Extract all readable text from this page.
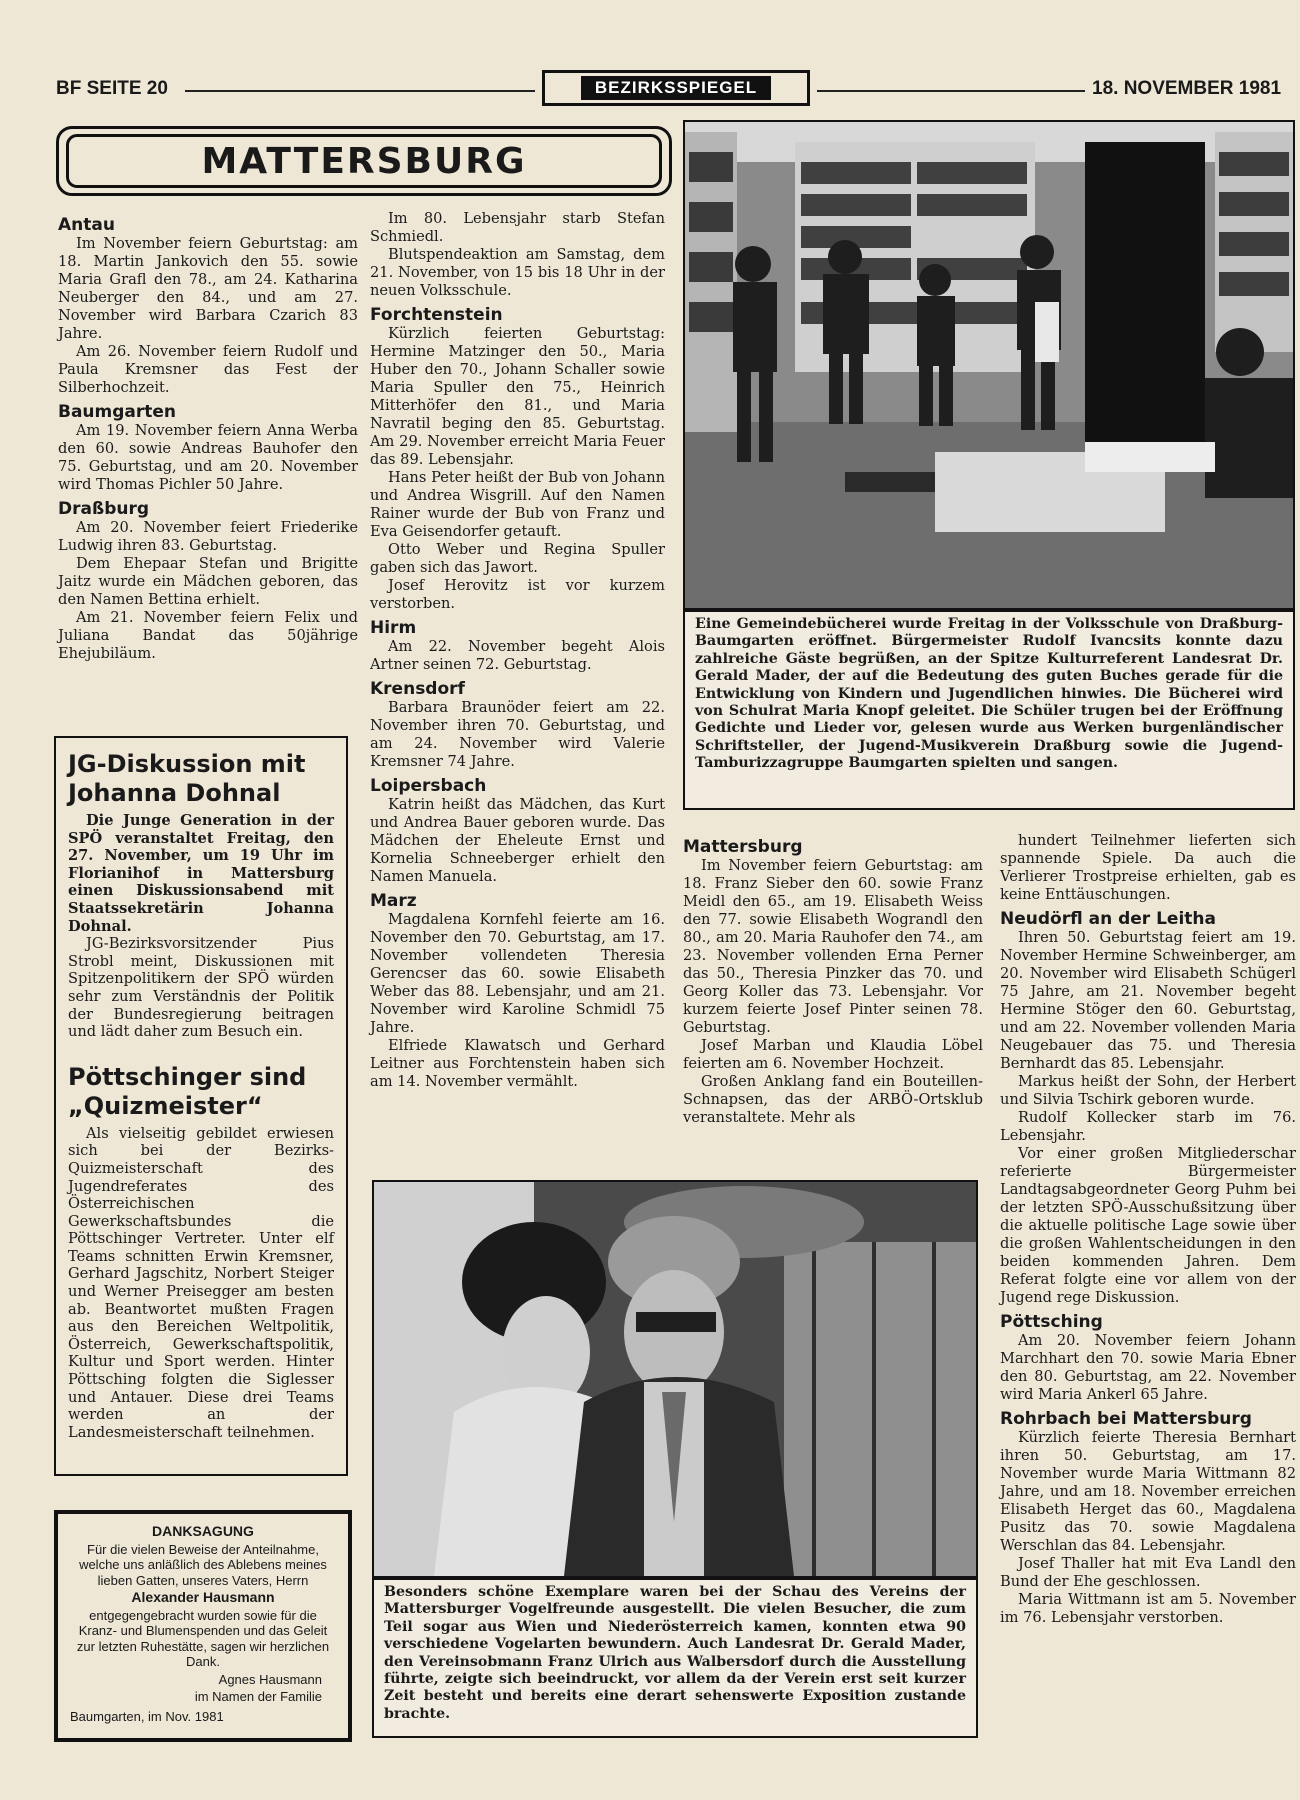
BF SEITE 20	BEZIRKSSPIEGEL	18. NOVEMBER 1981
MATTERSBURG
Antau

Im November feiern Geburtstag: am 18. Martin Jankovich den 55. sowie Maria Grafl den 78., am 24. Katharina Neuberger den 84., und am 27. November wird Barbara Czarich 83 Jahre.

Am 26. November feiern Rudolf und Paula Kremsner das Fest der Silberhochzeit.

Baumgarten

Am 19. November feiern Anna Werba den 60. sowie Andreas Bauhofer den 75. Geburtstag, und am 20. November wird Thomas Pichler 50 Jahre.

Draßburg

Am 20. November feiert Friederike Ludwig ihren 83. Geburtstag.

Dem Ehepaar Stefan und Brigitte Jaitz wurde ein Mädchen geboren, das den Namen Bettina erhielt.

Am 21. November feiern Felix und Juliana Bandat das 50jährige Ehejubiläum.

Im 80. Lebensjahr starb Stefan Schmiedl.

Blutspendeaktion am Samstag, dem 21. November, von 15 bis 18 Uhr in der neuen Volksschule.

Forchtenstein

Kürzlich feierten Geburtstag: Hermine Matzinger den 50., Maria Huber den 70., Johann Schaller sowie Maria Spuller den 75., Heinrich Mitterhöfer den 81., und Maria Navratil beging den 85. Geburtstag. Am 29. November erreicht Maria Feuer das 89. Lebensjahr.

Hans Peter heißt der Bub von Johann und Andrea Wisgrill. Auf den Namen Rainer wurde der Bub von Franz und Eva Geisendorfer getauft.

Otto Weber und Regina Spuller gaben sich das Jawort.

Josef Herovitz ist vor kurzem verstorben.

Hirm

Am 22. November begeht Alois Artner seinen 72. Geburtstag.

Krensdorf

Barbara Braunöder feiert am 22. November ihren 70. Geburtstag, und am 24. November wird Valerie Kremsner 74 Jahre.

Loipersbach

Katrin heißt das Mädchen, das Kurt und Andrea Bauer geboren wurde. Das Mädchen der Eheleute Ernst und Kornelia Schneeberger erhielt den Namen Manuela.

Marz

Magdalena Kornfehl feierte am 16. November den 70. Geburtstag, am 17. November vollendeten Theresia Gerencser das 60. sowie Elisabeth Weber das 88. Lebensjahr, und am 21. November wird Karoline Schmidl 75 Jahre.

Elfriede Klawatsch und Gerhard Leitner aus Forchtenstein haben sich am 14. November vermählt.

JG-Diskussion mit Johanna Dohnal

Die Junge Generation in der SPÖ veranstaltet Freitag, den 27. November, um 19 Uhr im Florianihof in Mattersburg einen Diskussionsabend mit Staatssekretärin Johanna Dohnal.

JG-Bezirksvorsitzender Pius Strobl meint, Diskussionen mit Spitzenpolitikern der SPÖ würden sehr zum Verständnis der Politik der Bundesregierung beitragen und lädt daher zum Besuch ein.

Pöttschinger sind „Quizmeister“

Als vielseitig gebildet erwiesen sich bei der Bezirks-Quizmeisterschaft des Jugendreferates des Österreichischen Gewerkschaftsbundes die Pöttschinger Vertreter. Unter elf Teams schnitten Erwin Kremsner, Gerhard Jagschitz, Norbert Steiger und Werner Preisegger am besten ab. Beantwortet mußten Fragen aus den Bereichen Weltpolitik, Österreich, Gewerkschaftspolitik, Kultur und Sport werden. Hinter Pöttsching folgten die Siglesser und Antauer. Diese drei Teams werden an der Landesmeisterschaft teilnehmen.

DANKSAGUNG
Für die vielen Beweise der Anteilnahme, welche uns anläßlich des Ablebens meines lieben Gatten, unseres Vaters, Herrn
Alexander Hausmann
entgegengebracht wurden sowie für die Kranz- und Blumenspenden und das Geleit zur letzten Ruhestätte, sagen wir herzlichen Dank.
Agnes Hausmann
im Namen der Familie
Baumgarten, im Nov. 1981
Eine Gemeindebücherei wurde Freitag in der Volksschule von Draßburg-Baumgarten eröffnet. Bürgermeister Rudolf Ivancsits konnte dazu zahlreiche Gäste begrüßen, an der Spitze Kulturreferent Landesrat Dr. Gerald Mader, der auf die Bedeutung des guten Buches gerade für die Entwicklung von Kindern und Jugendlichen hinwies. Die Bücherei wird von Schulrat Maria Knopf geleitet. Die Schüler trugen bei der Eröffnung Gedichte und Lieder vor, gelesen wurde aus Werken burgenländischer Schriftsteller, der Jugend-Musikverein Draßburg sowie die Jugend-Tamburizzagruppe Baumgarten spielten und sangen.
Mattersburg

Im November feiern Geburtstag: am 18. Franz Sieber den 60. sowie Franz Meidl den 65., am 19. Elisabeth Weiss den 77. sowie Elisabeth Wograndl den 80., am 20. Maria Rauhofer den 74., am 23. November vollenden Erna Perner das 50., Theresia Pinzker das 70. und Georg Koller das 73. Lebensjahr. Vor kurzem feierte Josef Pinter seinen 78. Geburtstag.

Josef Marban und Klaudia Löbel feierten am 6. November Hochzeit.

Großen Anklang fand ein Bouteillen-Schnapsen, das der ARBÖ-Ortsklub veranstaltete. Mehr als

hundert Teilnehmer lieferten sich spannende Spiele. Da auch die Verlierer Trostpreise erhielten, gab es keine Enttäuschungen.

Neudörfl an der Leitha

Ihren 50. Geburtstag feiert am 19. November Hermine Schweinberger, am 20. November wird Elisabeth Schügerl 75 Jahre, am 21. November begeht Hermine Stöger den 60. Geburtstag, und am 22. November vollenden Maria Neugebauer das 75. und Theresia Bernhardt das 85. Lebensjahr.

Markus heißt der Sohn, der Herbert und Silvia Tschirk geboren wurde.

Rudolf Kollecker starb im 76. Lebensjahr.

Vor einer großen Mitgliederschar referierte Bürgermeister Landtagsabgeordneter Georg Puhm bei der letzten SPÖ-Ausschußsitzung über die aktuelle politische Lage sowie über die großen Wahlentscheidungen in den beiden kommenden Jahren. Dem Referat folgte eine vor allem von der Jugend rege Diskussion.

Pöttsching

Am 20. November feiern Johann Marchhart den 70. sowie Maria Ebner den 80. Geburtstag, am 22. November wird Maria Ankerl 65 Jahre.

Rohrbach bei Mattersburg

Kürzlich feierte Theresia Bernhart ihren 50. Geburtstag, am 17. November wurde Maria Wittmann 82 Jahre, und am 18. November erreichen Elisabeth Herget das 60., Magdalena Pusitz das 70. sowie Magdalena Werschlan das 84. Lebensjahr.

Josef Thaller hat mit Eva Landl den Bund der Ehe geschlossen.

Maria Wittmann ist am 5. November im 76. Lebensjahr verstorben.

Besonders schöne Exemplare waren bei der Schau des Vereins der Mattersburger Vogelfreunde ausgestellt. Die vielen Besucher, die zum Teil sogar aus Wien und Niederösterreich kamen, konnten etwa 90 verschiedene Vogelarten bewundern. Auch Landesrat Dr. Gerald Mader, den Vereinsobmann Franz Ulrich aus Walbersdorf durch die Ausstellung führte, zeigte sich beeindruckt, vor allem da der Verein erst seit kurzer Zeit besteht und bereits eine derart sehenswerte Exposition zustande brachte.
